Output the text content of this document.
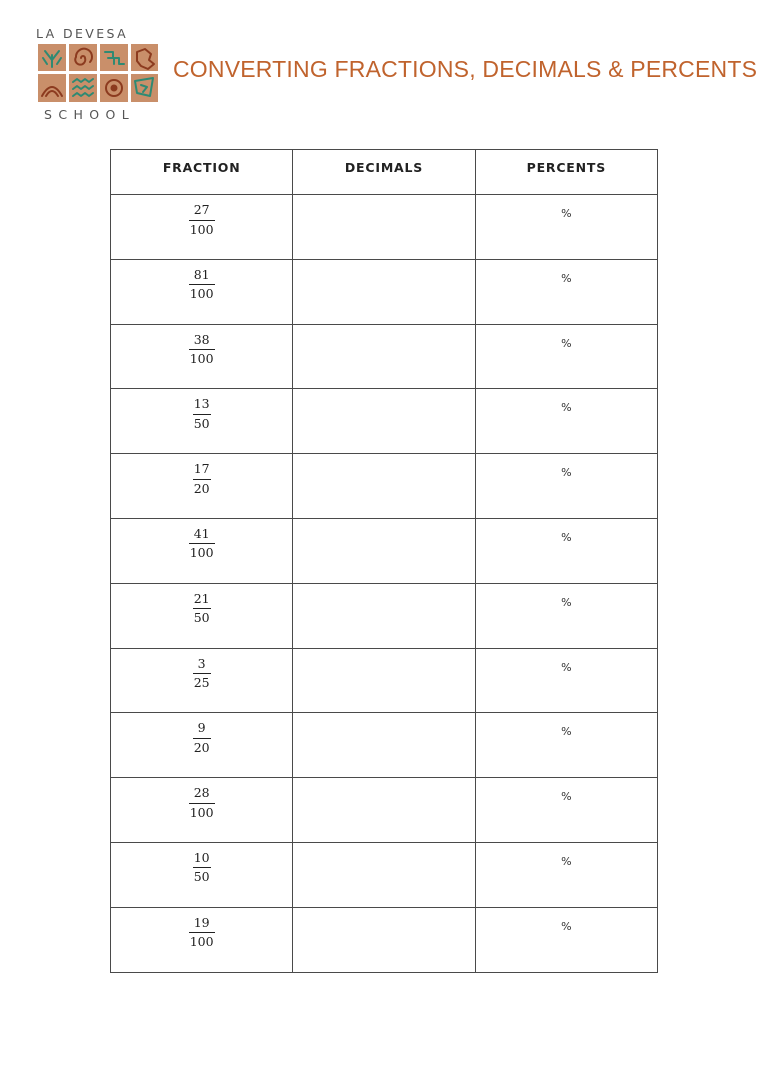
LA DEVESA
SCHOOL
CONVERTING FRACTIONS, DECIMALS & PERCENTS
FRACTION	DECIMALS	PERCENTS

$\frac{27}{100}$		%

$\frac{81}{100}$		%

$\frac{38}{100}$		%

$\frac{13}{50}$		%

$\frac{17}{20}$		%

$\frac{41}{100}$		%

$\frac{21}{50}$		%

$\frac{3}{25}$		%

$\frac{9}{20}$		%

$\frac{28}{100}$		%

$\frac{10}{50}$		%

$\frac{19}{100}$		%
